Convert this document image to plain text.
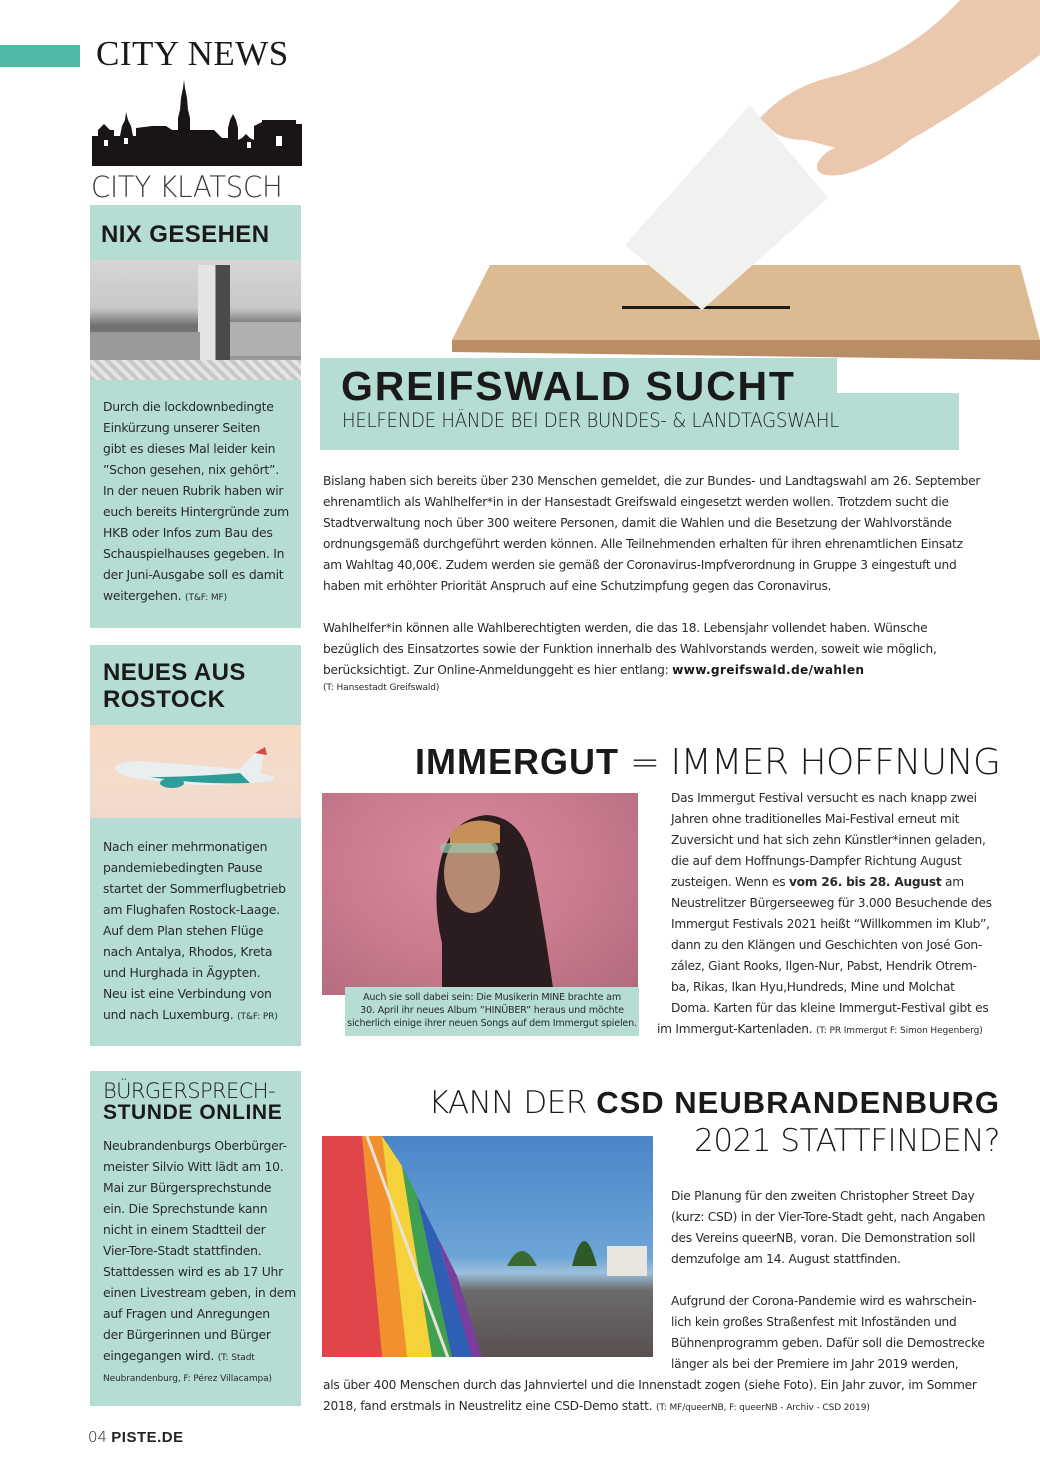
CITY NEWS
CITY KLATSCH
NIX GESEHEN
Durch die lockdownbedingte
Einkürzung unserer Seiten
gibt es dieses Mal leider kein
”Schon gesehen, nix gehört”.
In der neuen Rubrik haben wir
euch bereits Hintergründe zum
HKB oder Infos zum Bau des
Schauspielhauses gegeben. In
der Juni-Ausgabe soll es damit
weitergehen. (T&F: MF)
NEUES AUS
ROSTOCK
Nach einer mehrmonatigen
pandemiebedingten Pause
startet der Sommerflugbetrieb
am Flughafen Rostock-Laage.
Auf dem Plan stehen Flüge
nach Antalya, Rhodos, Kreta
und Hurghada in Ägypten.
Neu ist eine Verbindung von
und nach Luxemburg. (T&F: PR)
BÜRGERSPRECH-
STUNDE ONLINE
Neubrandenburgs Oberbürger-
meister Silvio Witt lädt am 10.
Mai zur Bürgersprechstunde
ein. Die Sprechstunde kann
nicht in einem Stadtteil der
Vier-Tore-Stadt stattfinden.
Stattdessen wird es ab 17 Uhr
einen Livestream geben, in dem
auf Fragen und Anregungen
der Bürgerinnen und Bürger
eingegangen wird. (T: Stadt
Neubrandenburg, F: Pérez Villacampa)
GREIFSWALD SUCHT
HELFENDE HÄNDE BEI DER BUNDES- & LANDTAGSWAHL
Bislang haben sich bereits über 230 Menschen gemeldet, die zur Bundes- und Landtagswahl am 26. September
ehrenamtlich als Wahlhelfer*in in der Hansestadt Greifswald eingesetzt werden wollen. Trotzdem sucht die
Stadtverwaltung noch über 300 weitere Personen, damit die Wahlen und die Besetzung der Wahlvorstände
ordnungsgemäß durchgeführt werden können. Alle Teilnehmenden erhalten für ihren ehrenamtlichen Einsatz
am Wahltag 40,00€. Zudem werden sie gemäß der Coronavirus-Impfverordnung in Gruppe 3 eingestuft und
haben mit erhöhter Priorität Anspruch auf eine Schutzimpfung gegen das Coronavirus.
Wahlhelfer*in können alle Wahlberechtigten werden, die das 18. Lebensjahr vollendet haben. Wünsche
bezüglich des Einsatzortes sowie der Funktion innerhalb des Wahlvorstands werden, soweit wie möglich,
berücksichtigt. Zur Online-Anmeldunggeht es hier entlang: www.greifswald.de/wahlen
(T: Hansestadt Greifswald)
IMMERGUT = IMMER HOFFNUNG
Auch sie soll dabei sein: Die Musikerin MINE brachte am
30. April ihr neues Album ”HINÜBER” heraus und möchte
sicherlich einige ihrer neuen Songs auf dem Immergut spielen.
Das Immergut Festival versucht es nach knapp zwei
Jahren ohne traditionelles Mai-Festival erneut mit
Zuversicht und hat sich zehn Künstler*innen geladen,
die auf dem Hoffnungs-Dampfer Richtung August
zusteigen. Wenn es vom 26. bis 28. August am
Neustrelitzer Bürgerseeweg für 3.000 Besuchende des
Immergut Festivals 2021 heißt “Willkommen im Klub”,
dann zu den Klängen und Geschichten von José Gon-
zález, Giant Rooks, Ilgen-Nur, Pabst, Hendrik Otrem-
ba, Rikas, Ikan Hyu,Hundreds, Mine und Molchat
Doma. Karten für das kleine Immergut-Festival gibt es
im Immergut-Kartenladen. (T: PR Immergut F: Simon Hegenberg)
KANN DER CSD NEUBRANDENBURG
2021 STATTFINDEN?
Die Planung für den zweiten Christopher Street Day
(kurz: CSD) in der Vier-Tore-Stadt geht, nach Angaben
des Vereins queerNB, voran. Die Demonstration soll
demzufolge am 14. August stattfinden.
Aufgrund der Corona-Pandemie wird es wahrschein-
lich kein großes Straßenfest mit Infoständen und
Bühnenprogramm geben. Dafür soll die Demostrecke
länger als bei der Premiere im Jahr 2019 werden,
als über 400 Menschen durch das Jahnviertel und die Innenstadt zogen (siehe Foto). Ein Jahr zuvor, im Sommer
2018, fand erstmals in Neustrelitz eine CSD-Demo statt. (T: MF/queerNB, F: queerNB - Archiv - CSD 2019)
04 PISTE.DE
